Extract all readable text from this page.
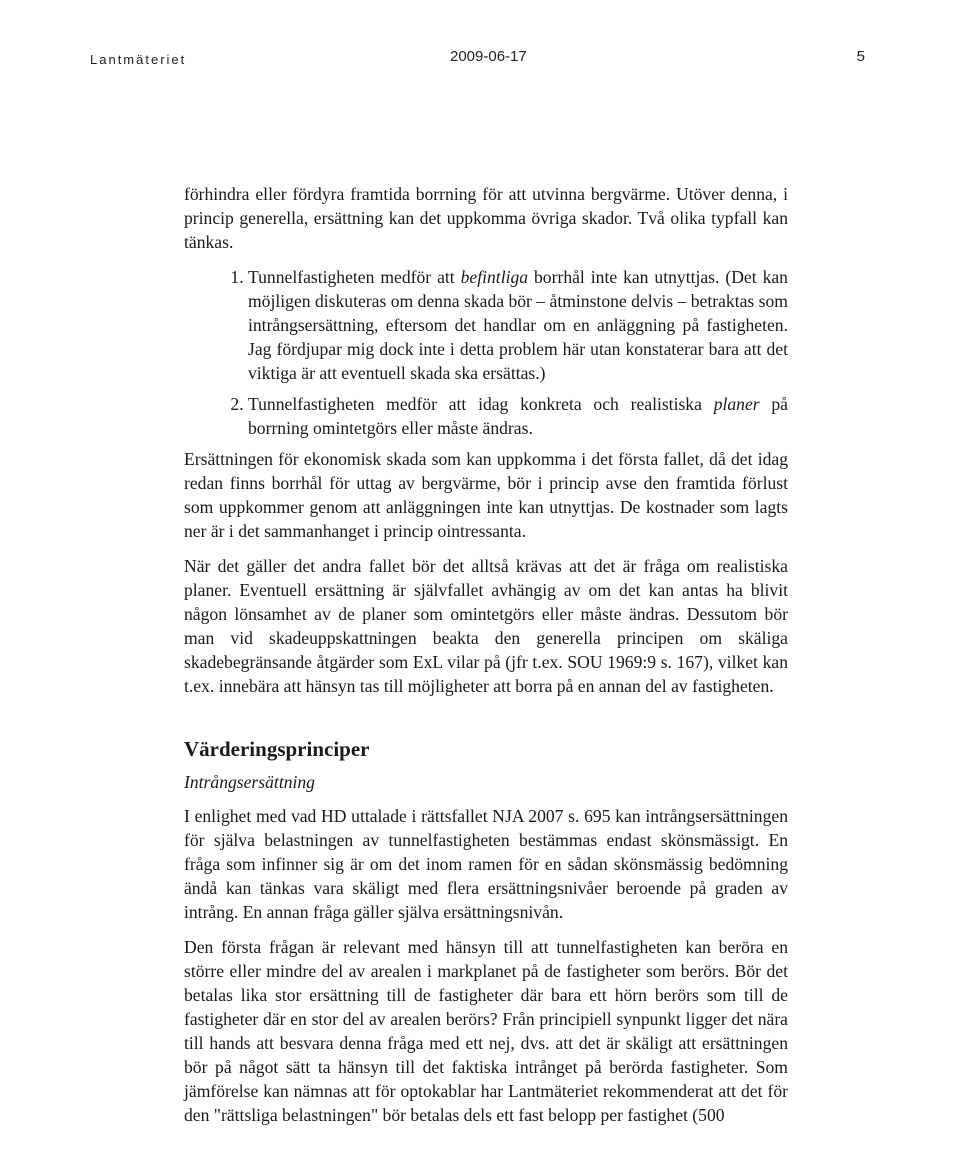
Lantmäteriet	2009-06-17	5

förhindra eller fördyra framtida borrning för att utvinna bergvärme. Utöver denna, i princip generella, ersättning kan det uppkomma övriga skador. Två olika typfall kan tänkas.

1. Tunnelfastigheten medför att befintliga borrhål inte kan utnyttjas. (Det kan möjligen diskuteras om denna skada bör – åtminstone delvis – betraktas som intrångsersättning, eftersom det handlar om en anläggning på fastigheten. Jag fördjupar mig dock inte i detta problem här utan konstaterar bara att det viktiga är att eventuell skada ska ersättas.)
2. Tunnelfastigheten medför att idag konkreta och realistiska planer på borrning omintetgörs eller måste ändras.

Ersättningen för ekonomisk skada som kan uppkomma i det första fallet, då det idag redan finns borrhål för uttag av bergvärme, bör i princip avse den framtida förlust som uppkommer genom att anläggningen inte kan utnyttjas. De kostnader som lagts ner är i det sammanhanget i princip ointressanta.

När det gäller det andra fallet bör det alltså krävas att det är fråga om realistiska planer. Eventuell ersättning är självfallet avhängig av om det kan antas ha blivit någon lönsamhet av de planer som omintetgörs eller måste ändras. Dessutom bör man vid skadeuppskattningen beakta den generella principen om skäliga skadebegränsande åtgärder som ExL vilar på (jfr t.ex. SOU 1969:9 s. 167), vilket kan t.ex. innebära att hänsyn tas till möjligheter att borra på en annan del av fastigheten.

Värderingsprinciper
Intrångsersättning

I enlighet med vad HD uttalade i rättsfallet NJA 2007 s. 695 kan intrångsersättningen för själva belastningen av tunnelfastigheten bestämmas endast skönsmässigt. En fråga som infinner sig är om det inom ramen för en sådan skönsmässig bedömning ändå kan tänkas vara skäligt med flera ersättningsnivåer beroende på graden av intrång. En annan fråga gäller själva ersättningsnivån.

Den första frågan är relevant med hänsyn till att tunnelfastigheten kan beröra en större eller mindre del av arealen i markplanet på de fastigheter som berörs. Bör det betalas lika stor ersättning till de fastigheter där bara ett hörn berörs som till de fastigheter där en stor del av arealen berörs? Från principiell synpunkt ligger det nära till hands att besvara denna fråga med ett nej, dvs. att det är skäligt att ersättningen bör på något sätt ta hänsyn till det faktiska intrånget på berörda fastigheter. Som jämförelse kan nämnas att för optokablar har Lantmäteriet rekommenderat att det för den "rättsliga belastningen" bör betalas dels ett fast belopp per fastighet (500
